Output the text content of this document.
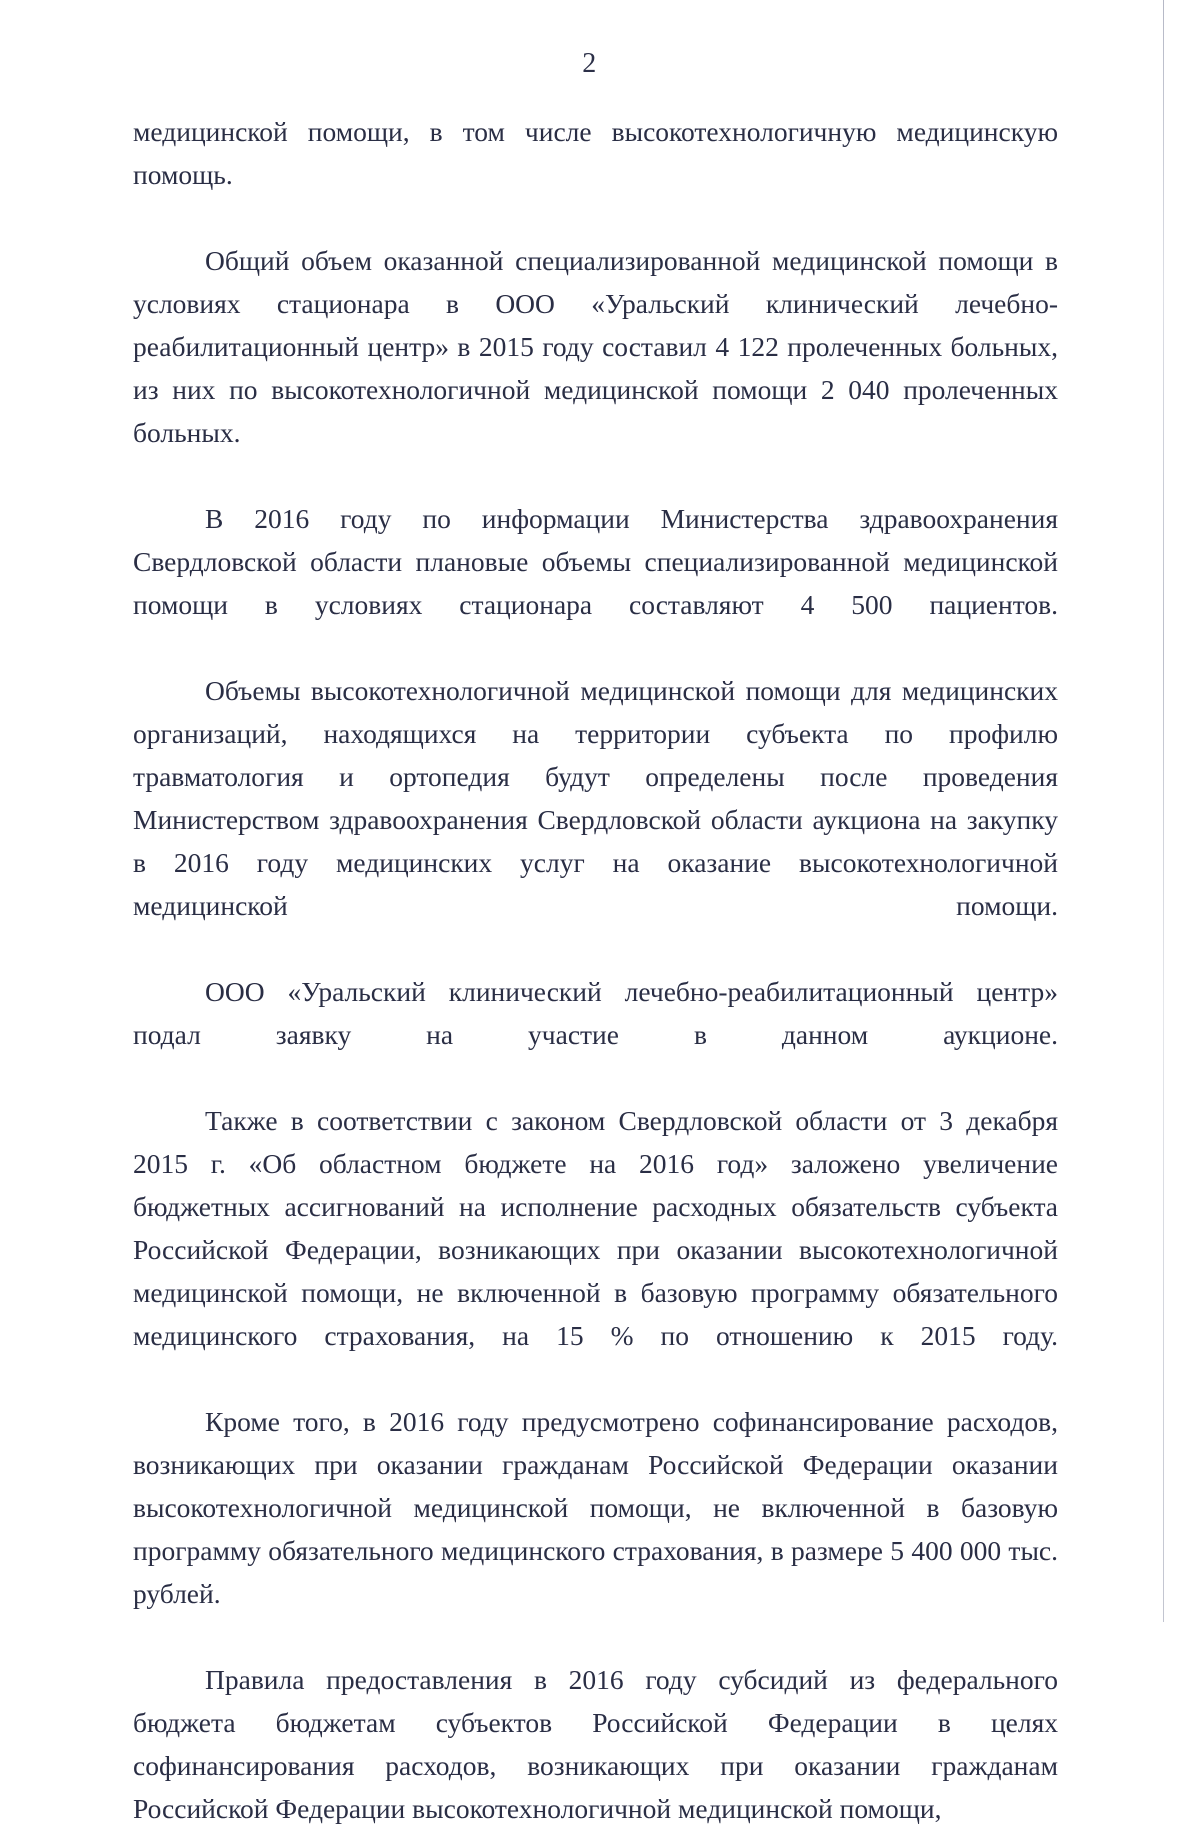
2

медицинской помощи, в том числе высокотехнологичную медицинскую помощь.

Общий объем оказанной специализированной медицинской помощи в условиях стационара в ООО «Уральский клинический лечебно-реабилитационный центр» в 2015 году составил 4 122 пролеченных больных, из них по высокотехнологичной медицинской помощи 2 040 пролеченных больных.

В 2016 году по информации Министерства здравоохранения Свердловской области плановые объемы специализированной медицинской помощи в условиях стационара составляют 4 500 пациентов.

Объемы высокотехнологичной медицинской помощи для медицинских организаций, находящихся на территории субъекта по профилю травматология и ортопедия будут определены после проведения Министерством здравоохранения Свердловской области аукциона на закупку в 2016 году медицинских услуг на оказание высокотехнологичной медицинской помощи.

ООО «Уральский клинический лечебно-реабилитационный центр» подал заявку на участие в данном аукционе.

Также в соответствии с законом Свердловской области от 3 декабря 2015 г. «Об областном бюджете на 2016 год» заложено увеличение бюджетных ассигнований на исполнение расходных обязательств субъекта Российской Федерации, возникающих при оказании высокотехнологичной медицинской помощи, не включенной в базовую программу обязательного медицинского страхования, на 15 % по отношению к 2015 году.

Кроме того, в 2016 году предусмотрено софинансирование расходов, возникающих при оказании гражданам Российской Федерации оказании высокотехнологичной медицинской помощи, не включенной в базовую программу обязательного медицинского страхования, в размере 5 400 000 тыс. рублей.

Правила предоставления в 2016 году субсидий из федерального бюджета бюджетам субъектов Российской Федерации в целях софинансирования расходов, возникающих при оказании гражданам Российской Федерации высокотехнологичной медицинской помощи,
